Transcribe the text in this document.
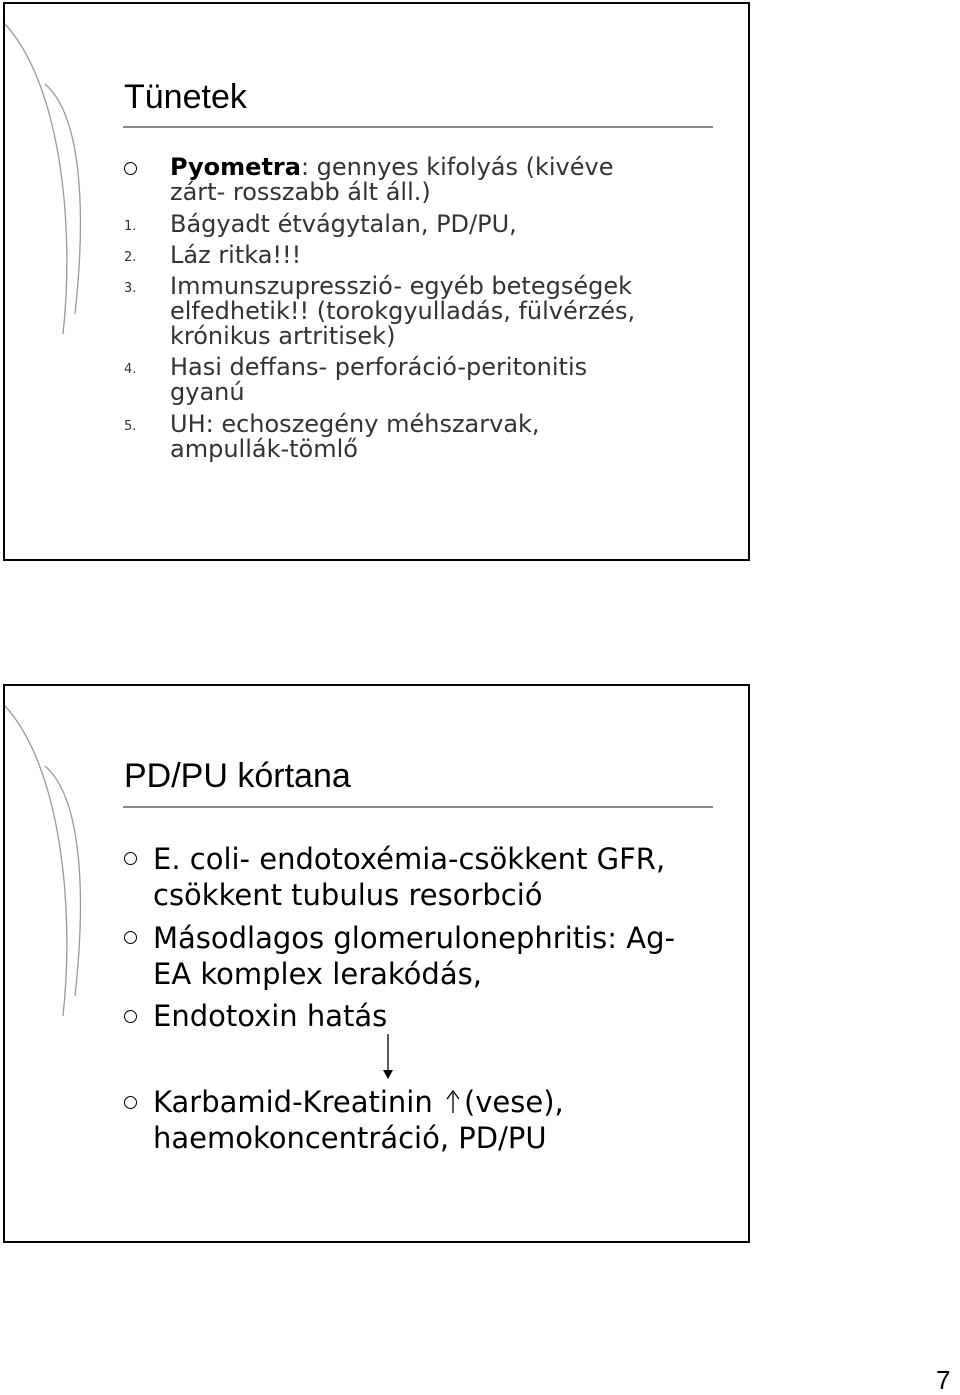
Tünetek
Pyometra: gennyes kifolyás (kivéve
zárt- rosszabb ált áll.)
1. Bágyadt étvágytalan, PD/PU,
2. Láz ritka!!!
3. Immunszupresszió- egyéb betegségek
elfedhetik!! (torokgyulladás, fülvérzés,
krónikus artritisek)
4. Hasi deffans- perforáció-peritonitis
gyanú
5. UH: echoszegény méhszarvak,
ampullák-tömlő
PD/PU kórtana
E. coli- endotoxémia-csökkent GFR,
csökkent tubulus resorbció
Másodlagos glomerulonephritis: Ag-
EA komplex lerakódás,
Endotoxin hatás
Karbamid-Kreatinin (vese),
haemokoncentráció, PD/PU
7
